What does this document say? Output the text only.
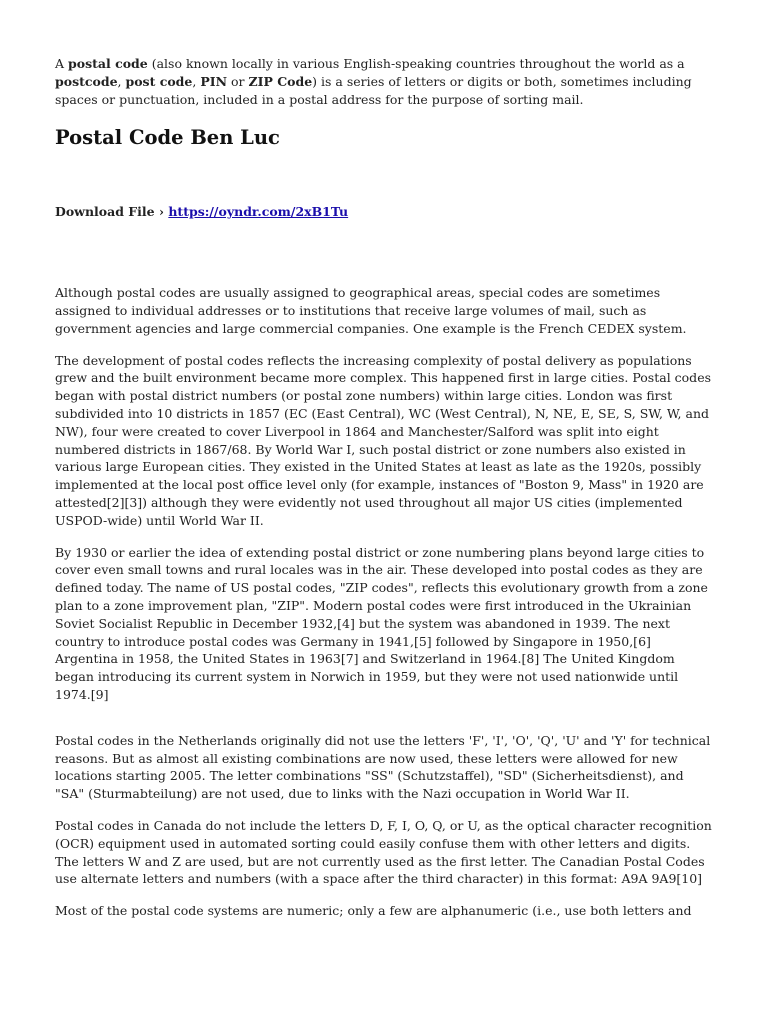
A postal code (also known locally in various English-speaking countries throughout the world as a postcode, post code, PIN or ZIP Code) is a series of letters or digits or both, sometimes including spaces or punctuation, included in a postal address for the purpose of sorting mail.

Postal Code Ben Luc

Download File › https://oyndr.com/2xB1Tu

Although postal codes are usually assigned to geographical areas, special codes are sometimes assigned to individual addresses or to institutions that receive large volumes of mail, such as government agencies and large commercial companies. One example is the French CEDEX system.

The development of postal codes reflects the increasing complexity of postal delivery as populations grew and the built environment became more complex. This happened first in large cities. Postal codes began with postal district numbers (or postal zone numbers) within large cities. London was first subdivided into 10 districts in 1857 (EC (East Central), WC (West Central), N, NE, E, SE, S, SW, W, and NW), four were created to cover Liverpool in 1864 and Manchester/Salford was split into eight numbered districts in 1867/68. By World War I, such postal district or zone numbers also existed in various large European cities. They existed in the United States at least as late as the 1920s, possibly implemented at the local post office level only (for example, instances of "Boston 9, Mass" in 1920 are attested[2][3]) although they were evidently not used throughout all major US cities (implemented USPOD-wide) until World War II.

By 1930 or earlier the idea of extending postal district or zone numbering plans beyond large cities to cover even small towns and rural locales was in the air. These developed into postal codes as they are defined today. The name of US postal codes, "ZIP codes", reflects this evolutionary growth from a zone plan to a zone improvement plan, "ZIP". Modern postal codes were first introduced in the Ukrainian Soviet Socialist Republic in December 1932,[4] but the system was abandoned in 1939. The next country to introduce postal codes was Germany in 1941,[5] followed by Singapore in 1950,[6] Argentina in 1958, the United States in 1963[7] and Switzerland in 1964.[8] The United Kingdom began introducing its current system in Norwich in 1959, but they were not used nationwide until 1974.[9]

Postal codes in the Netherlands originally did not use the letters 'F', 'I', 'O', 'Q', 'U' and 'Y' for technical reasons. But as almost all existing combinations are now used, these letters were allowed for new locations starting 2005. The letter combinations "SS" (Schutzstaffel), "SD" (Sicherheitsdienst), and "SA" (Sturmabteilung) are not used, due to links with the Nazi occupation in World War II.

Postal codes in Canada do not include the letters D, F, I, O, Q, or U, as the optical character recognition (OCR) equipment used in automated sorting could easily confuse them with other letters and digits. The letters W and Z are used, but are not currently used as the first letter. The Canadian Postal Codes use alternate letters and numbers (with a space after the third character) in this format: A9A 9A9[10]

Most of the postal code systems are numeric; only a few are alphanumeric (i.e., use both letters and
